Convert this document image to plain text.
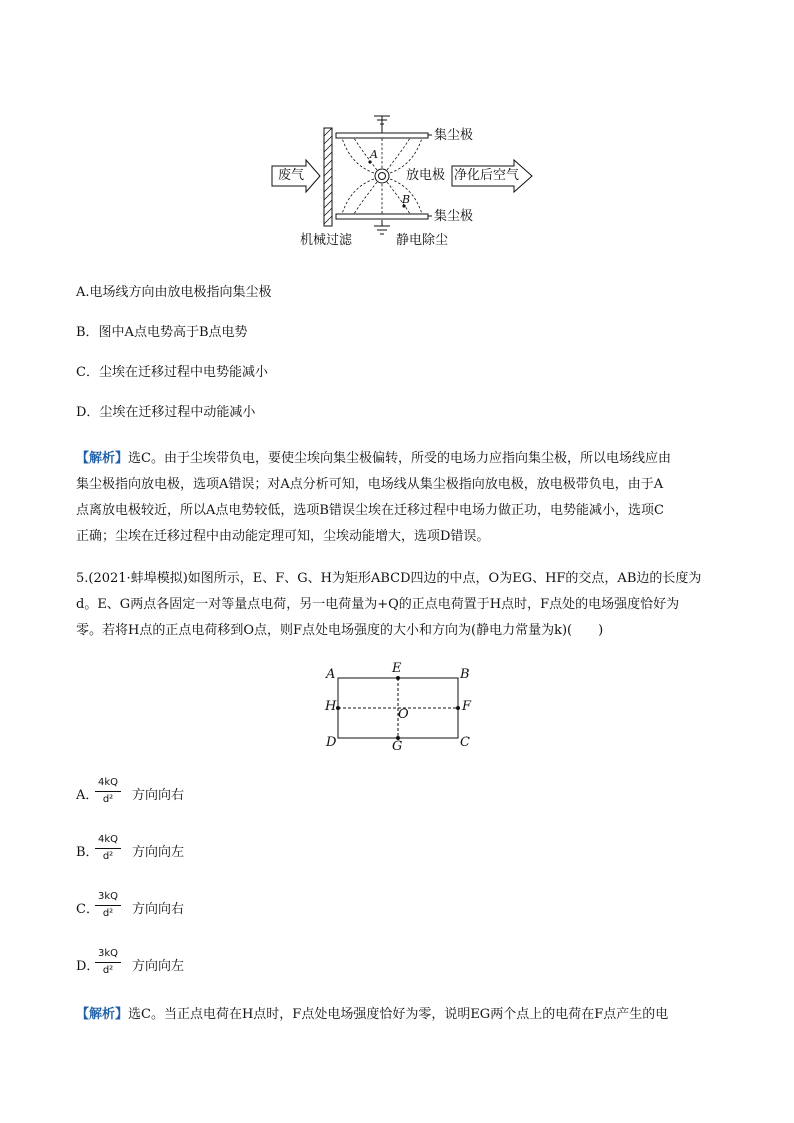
集尘极
放电极
集尘极
废气	净化后空气
机械过滤	静电除尘
A
B
A.电场线方向由放电极指向集尘极
B．图中A点电势高于B点电势
C．尘埃在迁移过程中电势能减小
D．尘埃在迁移过程中动能减小
【解析】选C。由于尘埃带负电，要使尘埃向集尘极偏转，所受的电场力应指向集尘极，所以电场线应由
集尘极指向放电极，选项A错误；对A点分析可知，电场线从集尘极指向放电极，放电极带负电，由于A
点离放电极较近，所以A点电势较低，选项B错误尘埃在迁移过程中电场力做正功，电势能减小，选项C
正确；尘埃在迁移过程中由动能定理可知，尘埃动能增大，选项D错误。
5.(2021·蚌埠模拟)如图所示，E、F、G、H为矩形ABCD四边的中点，O为EG、HF的交点，AB边的长度为
d。E、G两点各固定一对等量点电荷，另一电荷量为+Q的正点电荷置于H点时，F点处的电场强度恰好为
零。若将H点的正点电荷移到O点，则F点处电场强度的大小和方向为(静电力常量为k)(　　)
A	E	B
H
O
F
D	G	C
A．
4kQ
d²	方向向右
B．
4kQ
d²	方向向左
C．
3kQ
d²	方向向右
D．
3kQ
d²	方向向左
【解析】选C。当正点电荷在H点时，F点处电场强度恰好为零，说明EG两个点上的电荷在F点产生的电
